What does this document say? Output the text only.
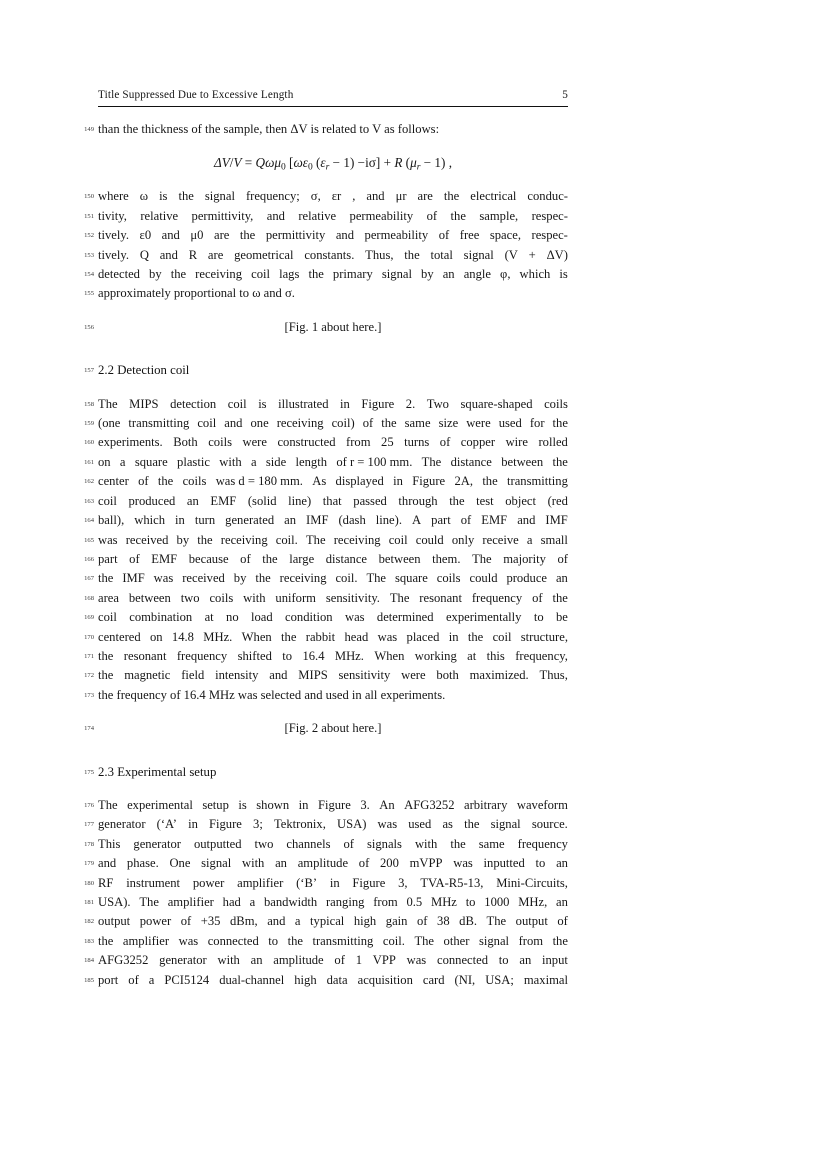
Title Suppressed Due to Excessive Length	5
149 than the thickness of the sample, then ΔV is related to V as follows:
ΔV/V = Qωμ$_0$ [$\omega\varepsilon_0$ $(\varepsilon_r - 1) -i\sigma] + R$ $(\mu_r - 1)$ ,
150 where ω is the signal frequency; σ, εr , and μr are the electrical conduc-
151 tivity, relative permittivity, and relative permeability of the sample, respec-
152 tively. ε0 and μ0 are the permittivity and permeability of free space, respec-
153 tively. Q and R are geometrical constants. Thus, the total signal (V + ΔV)
154 detected by the receiving coil lags the primary signal by an angle φ, which is
155 approximately proportional to ω and σ.
156	[Fig. 1 about here.]
157 2.2 Detection coil
158 The MIPS detection coil is illustrated in Figure 2. Two square-shaped coils
159 (one transmitting coil and one receiving coil) of the same size were used for the
160 experiments. Both coils were constructed from 25 turns of copper wire rolled
161 on a square plastic with a side length of r = 100 mm. The distance between the
162 center of the coils was d = 180 mm. As displayed in Figure 2A, the transmitting
163 coil produced an EMF (solid line) that passed through the test object (red
164 ball), which in turn generated an IMF (dash line). A part of EMF and IMF
165 was received by the receiving coil. The receiving coil could only receive a small
166 part of EMF because of the large distance between them. The majority of
167 the IMF was received by the receiving coil. The square coils could produce an
168 area between two coils with uniform sensitivity. The resonant frequency of the
169 coil combination at no load condition was determined experimentally to be
170 centered on 14.8 MHz. When the rabbit head was placed in the coil structure,
171 the resonant frequency shifted to 16.4 MHz. When working at this frequency,
172 the magnetic field intensity and MIPS sensitivity were both maximized. Thus,
173 the frequency of 16.4 MHz was selected and used in all experiments.
174	[Fig. 2 about here.]
175 2.3 Experimental setup
176 The experimental setup is shown in Figure 3. An AFG3252 arbitrary waveform
177 generator (‘A’ in Figure 3; Tektronix, USA) was used as the signal source.
178 This generator outputted two channels of signals with the same frequency
179 and phase. One signal with an amplitude of 200 mVPP was inputted to an
180 RF instrument power amplifier (‘B’ in Figure 3, TVA-R5-13, Mini-Circuits,
181 USA). The amplifier had a bandwidth ranging from 0.5 MHz to 1000 MHz, an
182 output power of +35 dBm, and a typical high gain of 38 dB. The output of
183 the amplifier was connected to the transmitting coil. The other signal from the
184 AFG3252 generator with an amplitude of 1 VPP was connected to an input
185 port of a PCI5124 dual-channel high data acquisition card (NI, USA; maximal
